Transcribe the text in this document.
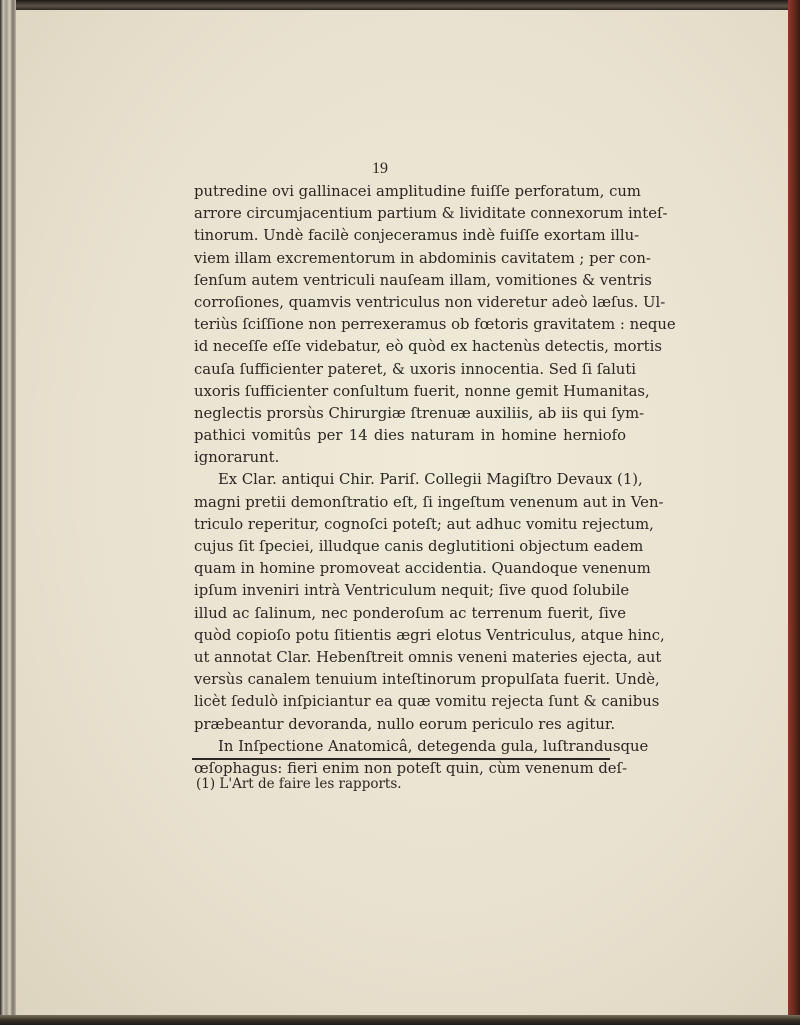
19
putredine ovi gallinacei amplitudine fuiſſe perforatum, cum
arrore circumjacentium partium & lividitate connexorum inteſ-
tinorum. Undè facilè conjeceramus indè fuiſſe exortam illu-
viem illam excrementorum in abdominis cavitatem ; per con-
ſenſum autem ventriculi nauſeam illam, vomitiones & ventris
corroſiones, quamvis ventriculus non videretur adeò læſus. Ul-
teriùs ſciſſione non perrexeramus ob fœtoris gravitatem : neque
id neceſſe eſſe videbatur, eò quòd ex hactenùs detectis, mortis
cauſa ſufficienter pateret, & uxoris innocentia. Sed ſi ſaluti
uxoris ſufficienter conſultum fuerit, nonne gemit Humanitas,
neglectis prorsùs Chirurgiæ ſtrenuæ auxiliis, ab iis qui ſym-
pathici vomitûs per 14 dies naturam in homine herniofo
ignorarunt.
Ex Clar. antiqui Chir. Pariſ. Collegii Magiſtro Devaux (1),
magni pretii demonſtratio eſt, ſi ingeſtum venenum aut in Ven-
triculo reperitur, cognoſci poteſt; aut adhuc vomitu rejectum,
cujus ſit ſpeciei, illudque canis deglutitioni objectum eadem
quam in homine promoveat accidentia. Quandoque venenum
ipſum inveniri intrà Ventriculum nequit; ſive quod ſolubile
illud ac ſalinum, nec ponderoſum ac terrenum fuerit, ſive
quòd copioſo potu ſitientis ægri elotus Ventriculus, atque hinc,
ut annotat Clar. Hebenſtreit omnis veneni materies ejecta, aut
versùs canalem tenuium inteſtinorum propulſata fuerit. Undè,
licèt ſedulò inſpiciantur ea quæ vomitu rejecta ſunt & canibus
præbeantur devoranda, nullo eorum periculo res agitur.
In Inſpectione Anatomicâ, detegenda gula, luſtrandusque
œſophagus: fieri enim non poteſt quin, cùm venenum deſ-
(1) L'Art de faire les rapports.
